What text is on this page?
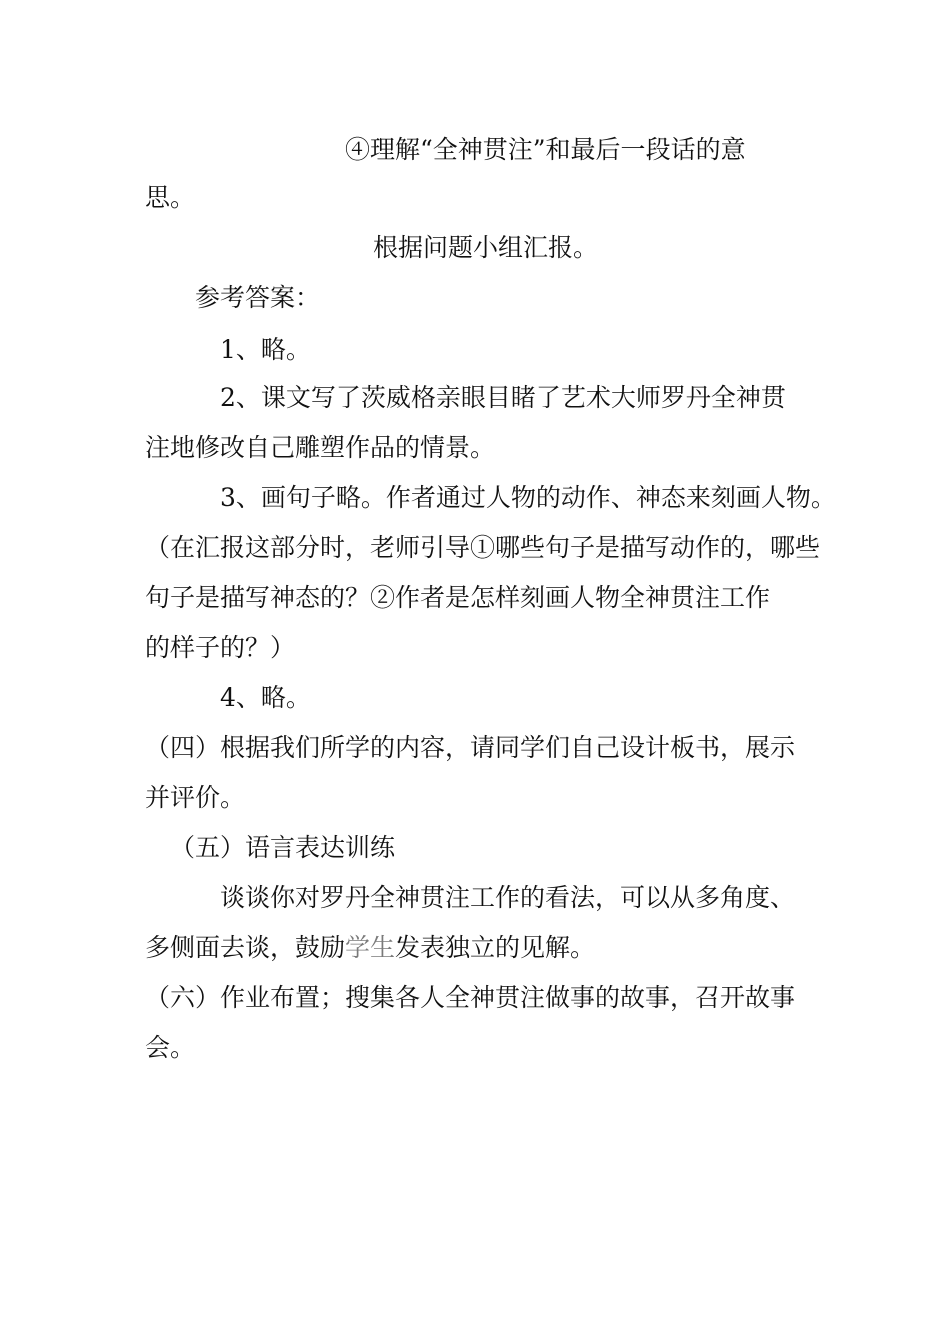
④理解“全神贯注”和最后一段话的意
思。
根据问题小组汇报。
参考答案：
1、略。
2、课文写了茨威格亲眼目睹了艺术大师罗丹全神贯
注地修改自己雕塑作品的情景。
3、画句子略。作者通过人物的动作、神态来刻画人物。
（在汇报这部分时，老师引导①哪些句子是描写动作的，哪些
句子是描写神态的？②作者是怎样刻画人物全神贯注工作
的样子的？）
4、略。
（四）根据我们所学的内容，请同学们自己设计板书，展示
并评价。
（五）语言表达训练
谈谈你对罗丹全神贯注工作的看法，可以从多角度、
多侧面去谈，鼓励学生发表独立的见解。
（六）作业布置；搜集各人全神贯注做事的故事，召开故事
会。
